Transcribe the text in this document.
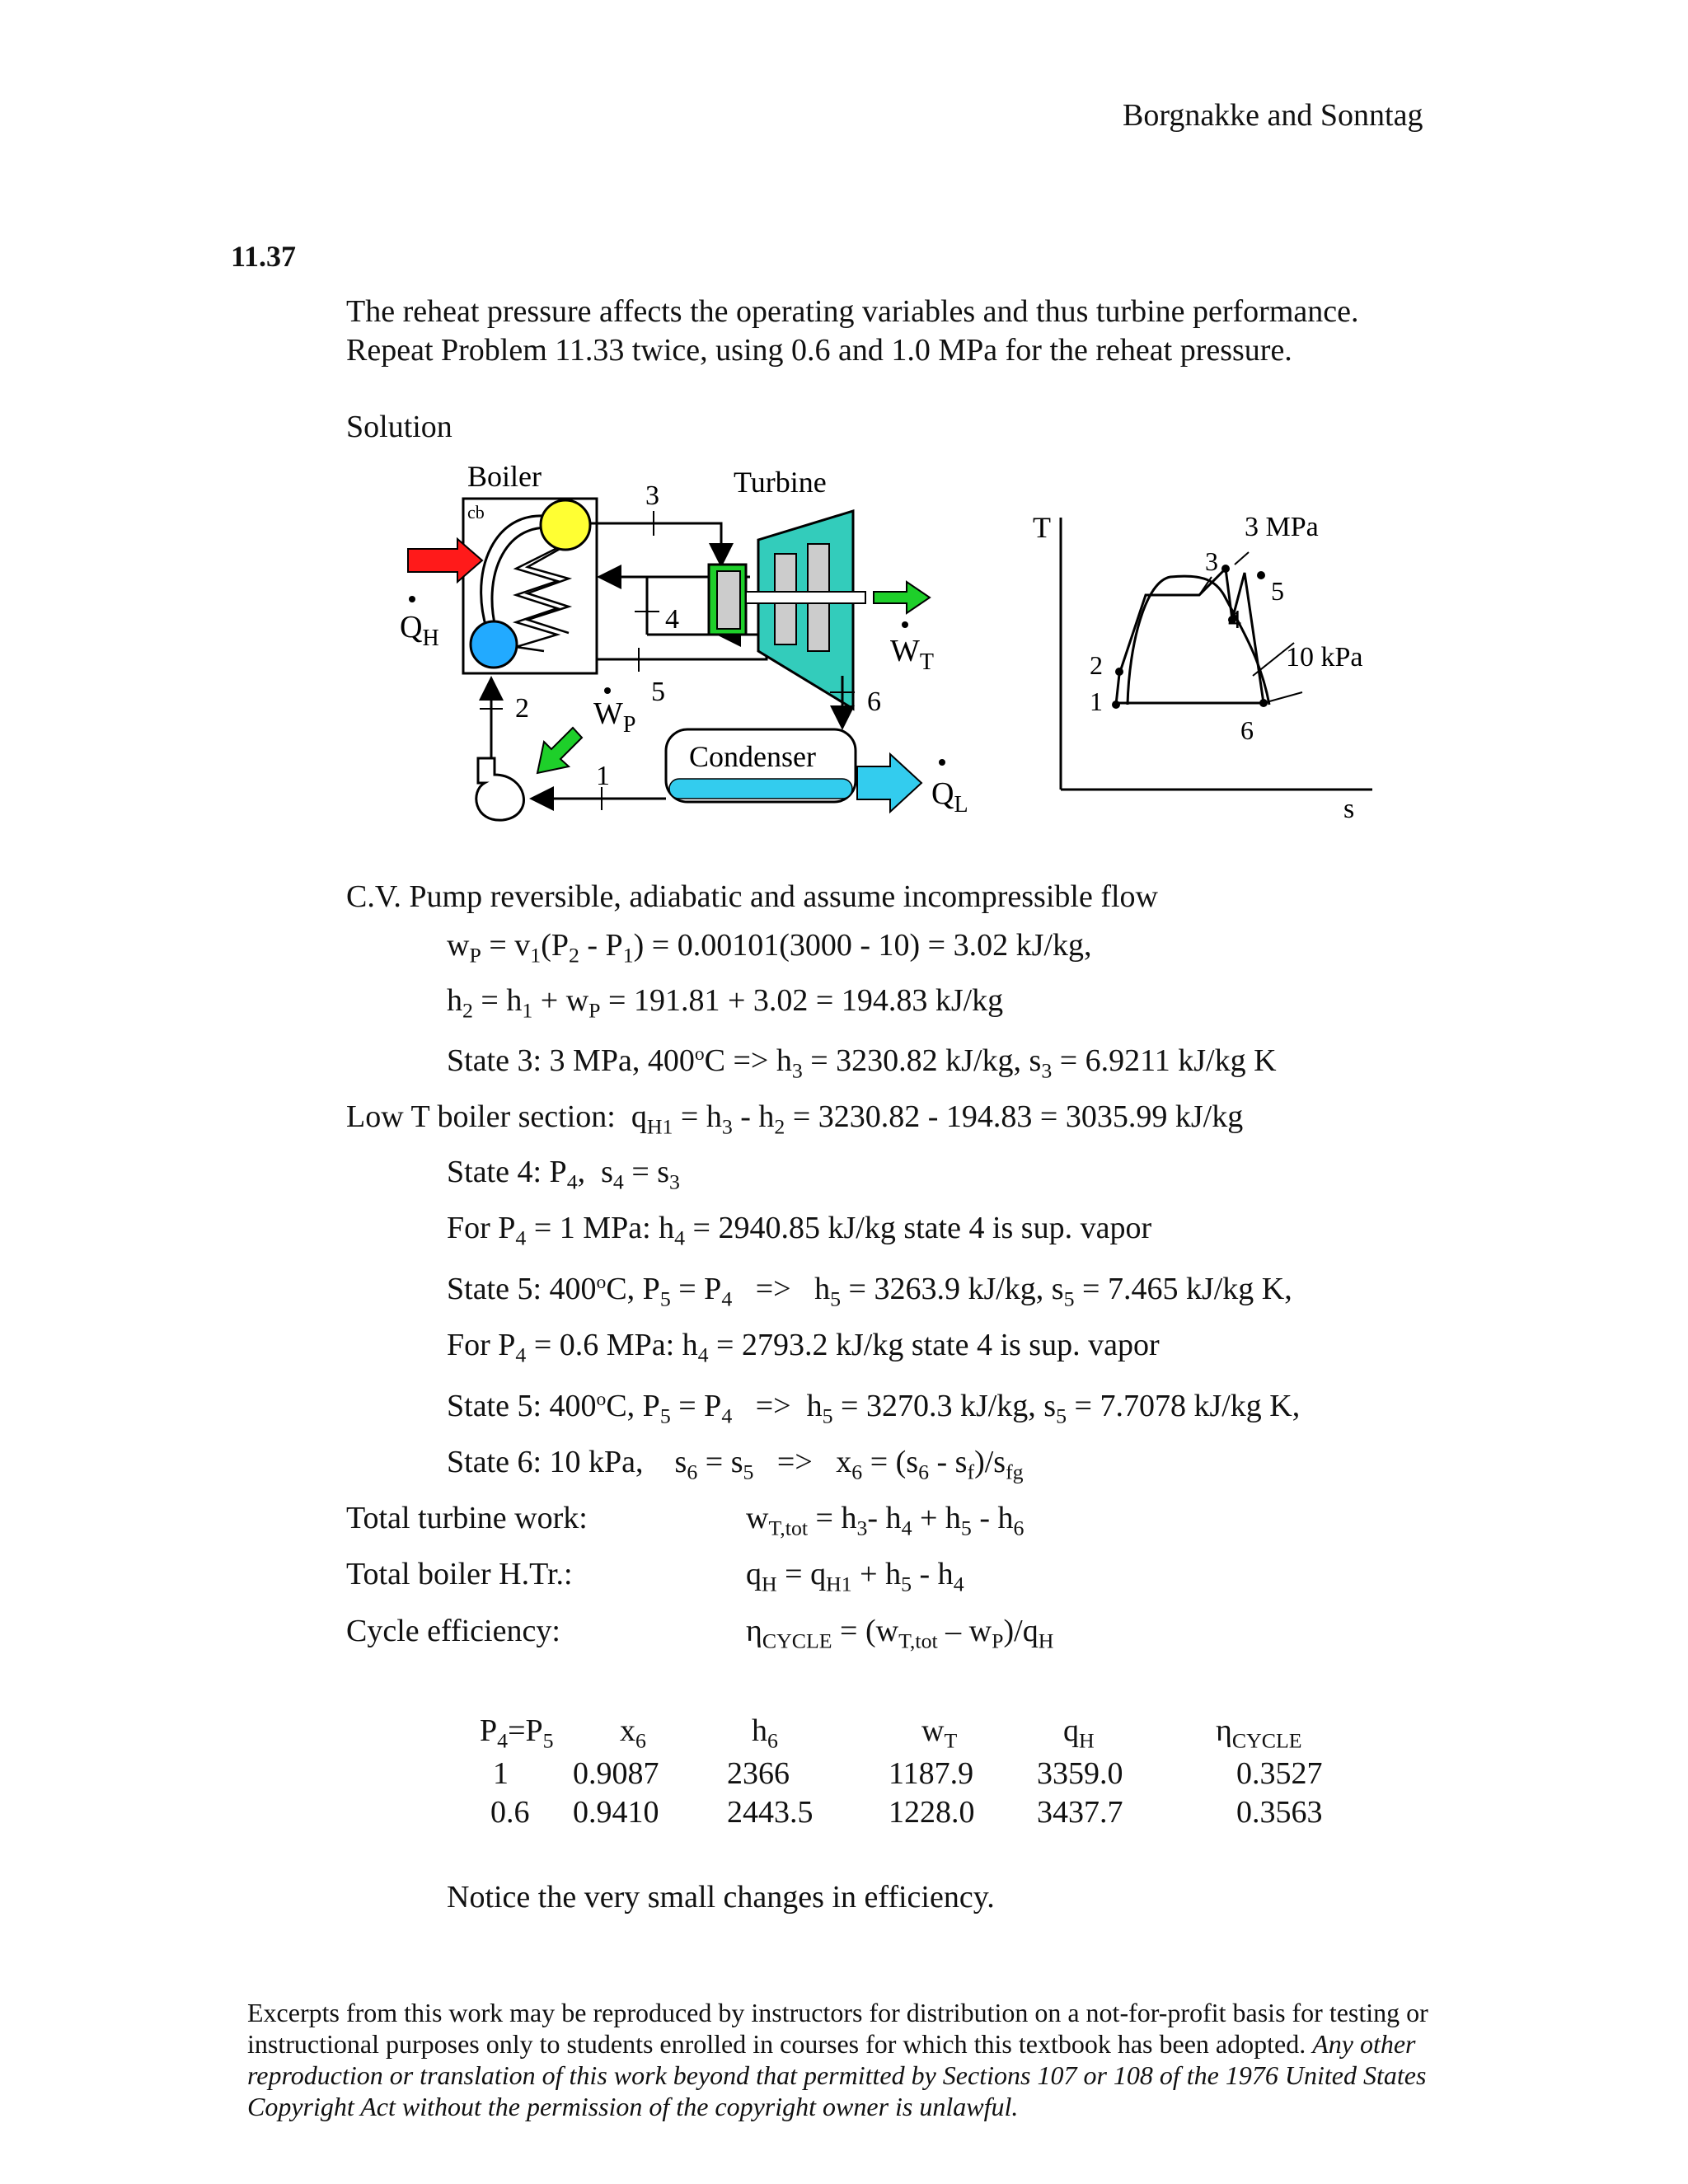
Borgnakke and Sonntag
11.37
The reheat pressure affects the operating variables and thus turbine performance.
Repeat Problem 11.33 twice, using 0.6 and 1.0 MPa for the reheat pressure.
Solution
cb
Boiler
$Q_H$
3
4
5
Turbine
$W_T$
6
Condenser
$Q_L$
1
2 $W_P$
T
s
3 MPa
10 kPa
3
4
5
6
2
1
C.V. Pump reversible, adiabatic and assume incompressible flow
$w_P = v_1(P_2 - P_1) = 0.00101(3000 - 10) = 3.02$ kJ/kg,
$h_2 = h_1 + w_P = 191.81 + 3.02 = 194.83$ kJ/kg
State 3: 3 MPa, $400^oC => h_3 = 3230.82$ kJ/kg, $s_3 = 6.9211$ kJ/kg K
Low T boiler section:  $q_{H1} = h_3 - h_2 = 3230.82 - 194.83 = 3035.99$ kJ/kg
State 4: $P_4$,  $s_4 = s_3$
For $P_4 = 1$ MPa: $h_4 = 2940.85$ kJ/kg state 4 is sup. vapor
State 5: 400$^o$C, $P_5 = P_4 => h_5 = 3263.9$ kJ/kg, $s_5 = 7.465$ kJ/kg K,
For $P_4 = 0.6$ MPa: $h_4 = 2793.2$ kJ/kg state 4 is sup. vapor
State 5: 400$^o$C, $P_5 = P_4 => h_5 = 3270.3$ kJ/kg, $s_5 = 7.7078$ kJ/kg K,
State 6: 10 kPa,    $s_6 = s_5 => x_6 = (s_6 - s_f)/s_{fg}$
Total turbine work:	$w_{T,tot} = h_3-$ $h_4 + h_5 - h_6$
Total boiler H.Tr.:	$q_H = q_{H1} + h_5 - h_4$
Cycle efficiency:	$\eta_{CYCLE} = (w_{T,tot} - w_P)/q_H$
$P_4=P_5$ $x_6$	$h_6$	$w_T$	$q_H$	$\eta_{CYCLE}$
1 0.9087 2366	1187.9 3359.0	0.3527
0.6 0.9410 2443.5 1228.0 3437.7	0.3563
Notice the very small changes in efficiency.
Excerpts from this work may be reproduced by instructors for distribution on a not-for-profit basis for testing or instructional purposes only to students enrolled in courses for which this textbook has been adopted. Any other reproduction or translation of this work beyond that permitted by Sections 107 or 108 of the 1976 United States Copyright Act without the permission of the copyright owner is unlawful.
